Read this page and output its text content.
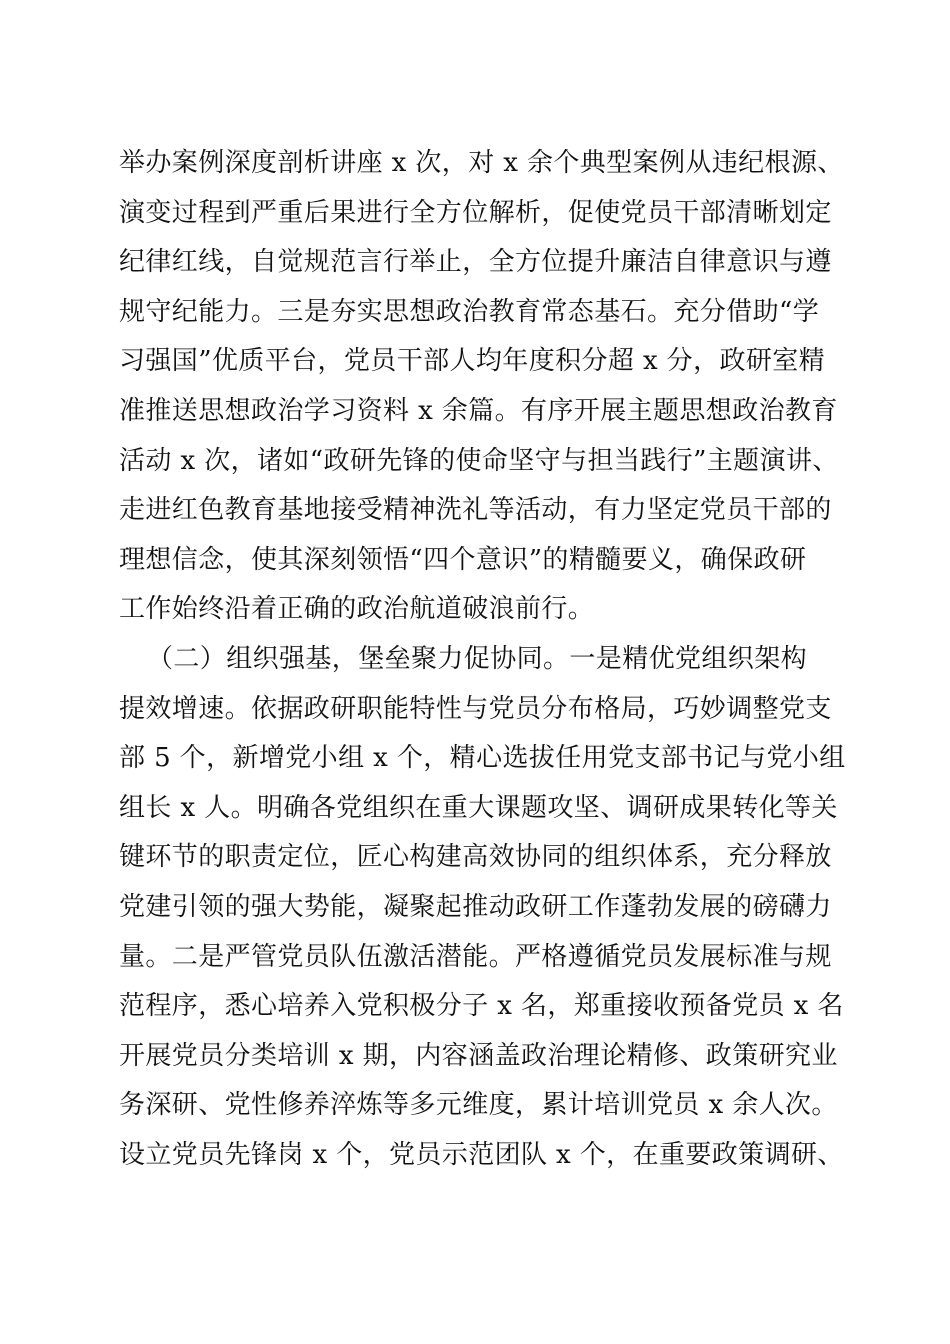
举办案例深度剖析讲座 x 次，对 x 余个典型案例从违纪根源、
演变过程到严重后果进行全方位解析，促使党员干部清晰划定
纪律红线，自觉规范言行举止，全方位提升廉洁自律意识与遵
规守纪能力。三是夯实思想政治教育常态基石。充分借助“学
习强国”优质平台，党员干部人均年度积分超 x 分，政研室精
准推送思想政治学习资料 x 余篇。有序开展主题思想政治教育
活动 x 次，诸如“政研先锋的使命坚守与担当践行”主题演讲、
走进红色教育基地接受精神洗礼等活动，有力坚定党员干部的
理想信念，使其深刻领悟“四个意识”的精髓要义，确保政研
工作始终沿着正确的政治航道破浪前行。
（二）组织强基，堡垒聚力促协同。一是精优党组织架构
提效增速。依据政研职能特性与党员分布格局，巧妙调整党支
部 5 个，新增党小组 x 个，精心选拔任用党支部书记与党小组
组长 x 人。明确各党组织在重大课题攻坚、调研成果转化等关
键环节的职责定位，匠心构建高效协同的组织体系，充分释放
党建引领的强大势能，凝聚起推动政研工作蓬勃发展的磅礴力
量。二是严管党员队伍激活潜能。严格遵循党员发展标准与规
范程序，悉心培养入党积极分子 x 名，郑重接收预备党员 x 名
开展党员分类培训 x 期，内容涵盖政治理论精修、政策研究业
务深研、党性修养淬炼等多元维度，累计培训党员 x 余人次。
设立党员先锋岗 x 个，党员示范团队 x 个，在重要政策调研、
